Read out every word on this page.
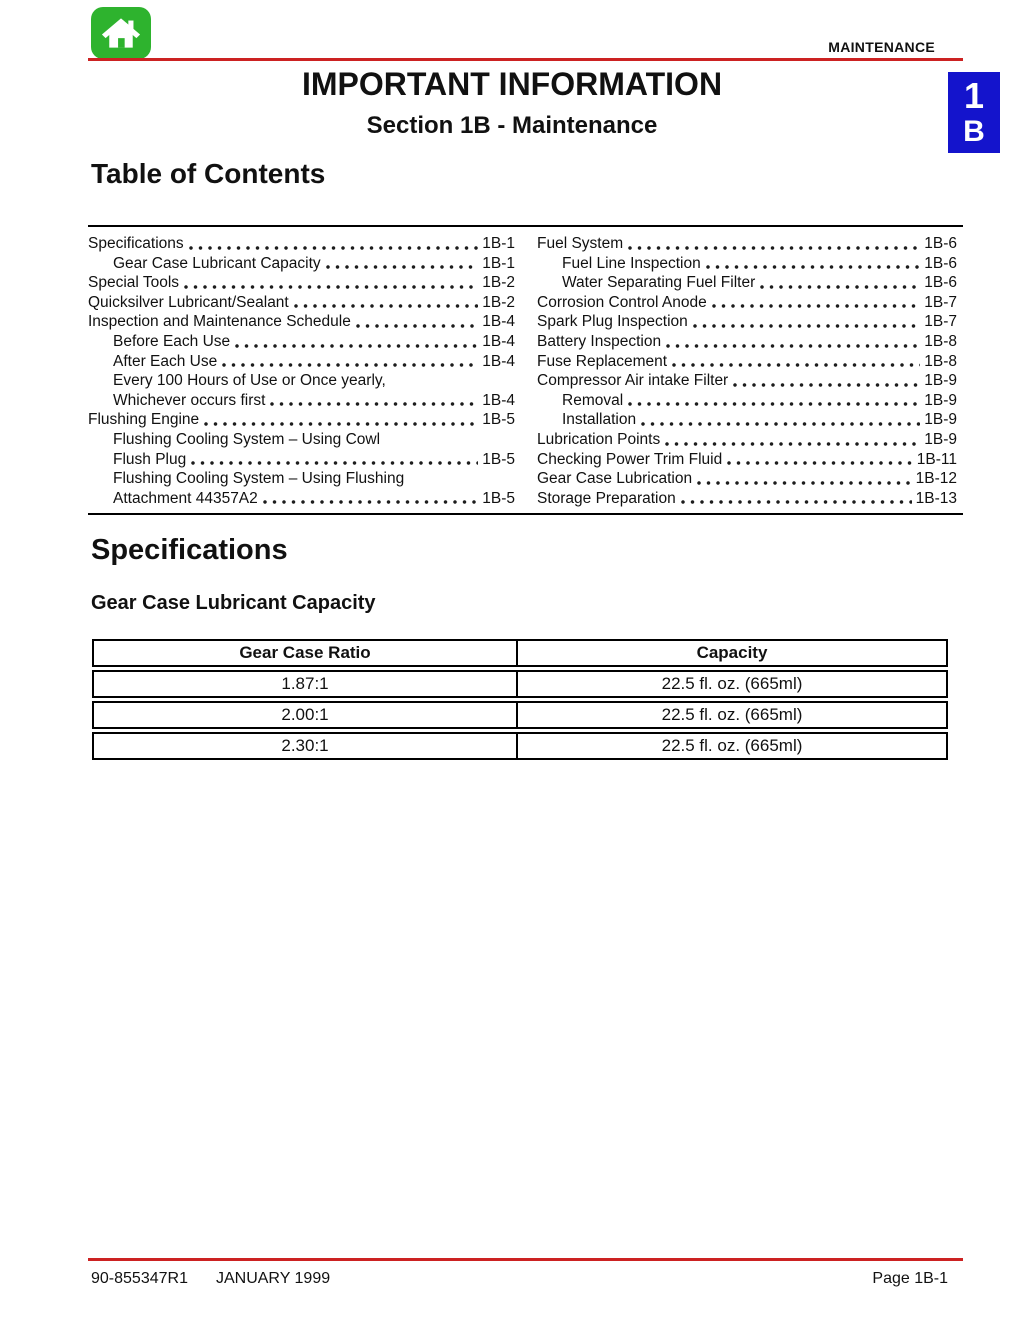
MAINTENANCE
1
B
IMPORTANT INFORMATION
Section 1B - Maintenance
Table of Contents
Specifications	1B-1
Gear Case Lubricant Capacity	1B-1
Special Tools	1B-2
Quicksilver Lubricant/Sealant	1B-2
Inspection and Maintenance Schedule	1B-4
Before Each Use	1B-4
After Each Use	1B-4
Every 100 Hours of Use or Once yearly,
Whichever occurs first	1B-4
Flushing Engine	1B-5
Flushing Cooling System – Using Cowl
Flush Plug	1B-5
Flushing Cooling System – Using Flushing
Attachment 44357A2	1B-5
Fuel System	1B-6
Fuel Line Inspection	1B-6
Water Separating Fuel Filter	1B-6
Corrosion Control Anode	1B-7
Spark Plug Inspection	1B-7
Battery Inspection	1B-8
Fuse Replacement	1B-8
Compressor Air intake Filter	1B-9
Removal	1B-9
Installation	1B-9
Lubrication Points	1B-9
Checking Power Trim Fluid	1B-11
Gear Case Lubrication	1B-12
Storage Preparation	1B-13
Specifications
Gear Case Lubricant Capacity
Gear Case Ratio	Capacity
1.87:1	22.5 fl. oz. (665ml)
2.00:1	22.5 fl. oz. (665ml)
2.30:1	22.5 fl. oz. (665ml)
90-855347R1 JANUARY 1999	Page 1B-1
